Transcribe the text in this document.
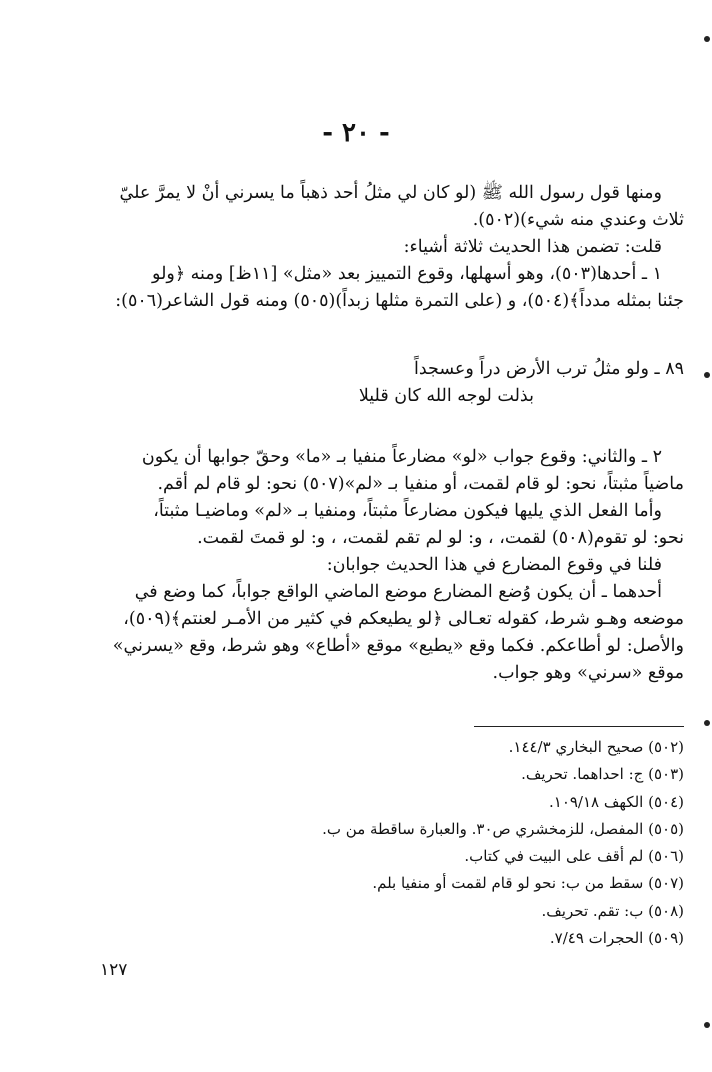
- ٢٠ -

ومنها قول رسول الله ﷺ (لو كان لي مثلُ أحد ذهباً ما يسرني أنْ لا يمرَّ عليّ

ثلاث وعندي منه شيء)(٥٠٢).

قلت: تضمن هذا الحديث ثلاثة أشياء:

١ ـ أحدها(٥٠٣)، وهو أسهلها، وقوع التمييز بعد «مثل» [١١ظ] ومنه ﴿ولو

جئنا بمثله مدداً﴾(٥٠٤)، و (على التمرة مثلها زبداً)(٥٠٥) ومنه قول الشاعر(٥٠٦):

٨٩ ـ ولو مثلُ ترب الأرض دراً وعسجداً
بذلت لوجه الله كان قليلا

٢ ـ والثاني: وقوع جواب «لو» مضارعاً منفيا بـ «ما» وحقّ جوابها أن يكون

ماضياً مثبتاً، نحو: لو قام لقمت، أو منفيا بـ «لم»(٥٠٧) نحو: لو قام لم أقم.

وأما الفعل الذي يليها فيكون مضارعاً مثبتاً، ومنفيا بـ «لم» وماضيـا مثبتاً،

نحو: لو تقوم(٥٠٨) لقمت، ، و: لو لم تقم لقمت، ، و: لو قمتَ لقمت.

فلنا في وقوع المضارع في هذا الحديث جوابان:

أحدهما ـ أن يكون وُضع المضارع موضع الماضي الواقع جواباً، كما وضع في

موضعه وهـو شرط، كقوله تعـالى ﴿لو يطيعكم في كثير من الأمـر لعنتم﴾(٥٠٩)،

والأصل: لو أطاعكم. فكما وقع «يطيع» موقع «أطاع» وهو شرط، وقع «يسرني»

موقع «سرني» وهو جواب.

(٥٠٢) صحيح البخاري ١٤٤/٣.

(٥٠٣) ج: احداهما. تحريف.

(٥٠٤) الكهف ١٠٩/١٨.

(٥٠٥) المفصل، للزمخشري ص٣٠. والعبارة ساقطة من ب.

(٥٠٦) لم أقف على البيت في كتاب.

(٥٠٧) سقط من ب: نحو لو قام لقمت أو منفيا بلم.

(٥٠٨) ب: تقم. تحريف.

(٥٠٩) الحجرات ٧/٤٩.

١٢٧
